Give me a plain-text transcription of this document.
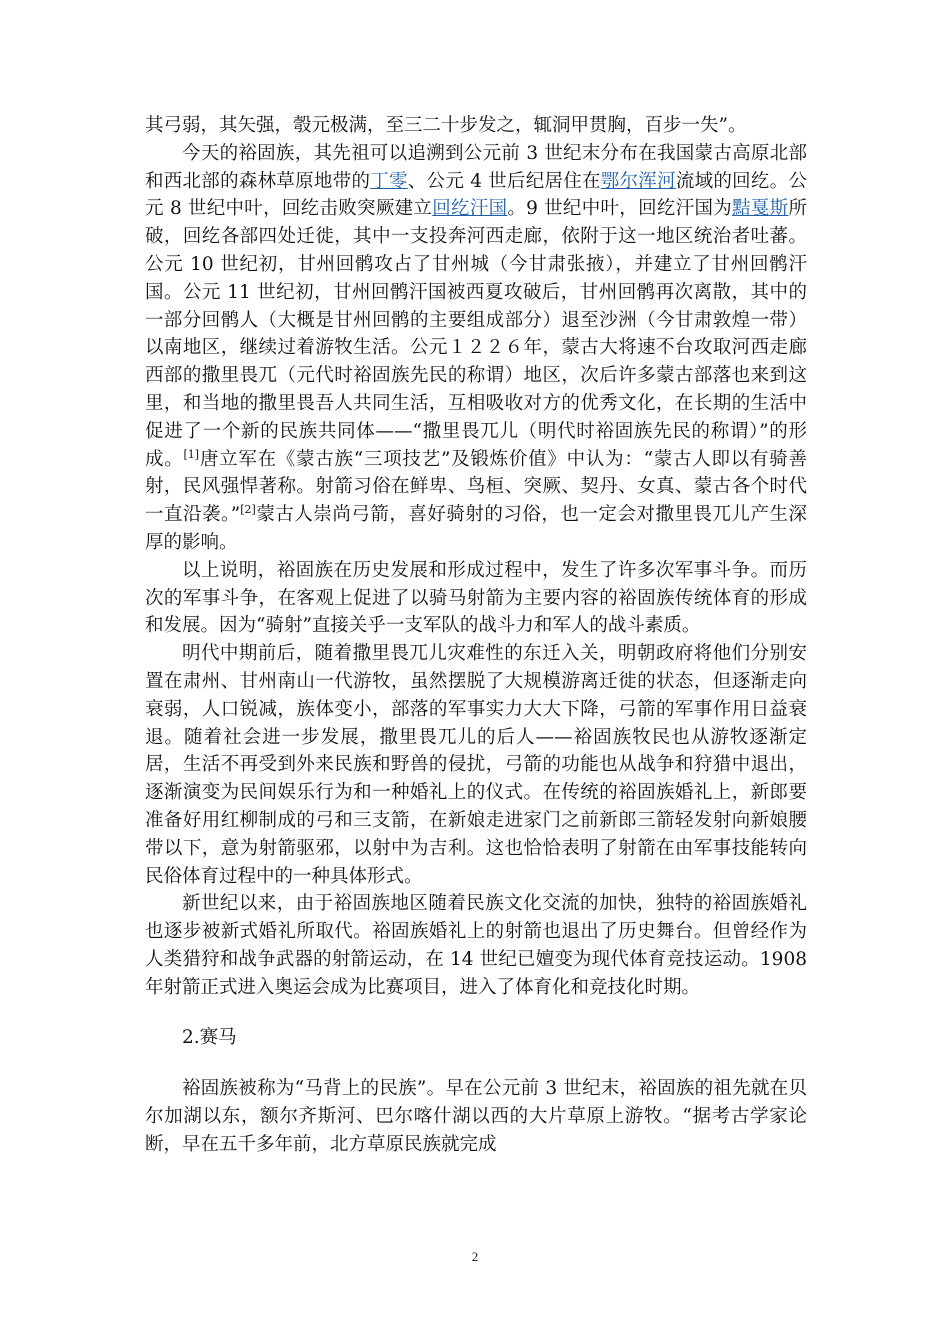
其弓弱，其矢强，彀元极满，至三二十步发之，辄洞甲贯胸，百步一失”。

今天的裕固族，其先祖可以追溯到公元前 3 世纪末分布在我国蒙古高原北部和西北部的森林草原地带的丁零、公元 4 世后纪居住在鄂尔浑河流域的回纥。公元 8 世纪中叶，回纥击败突厥建立回纥汗国。9 世纪中叶，回纥汗国为黠戛斯所破，回纥各部四处迁徙，其中一支投奔河西走廊，依附于这一地区统治者吐蕃。公元 10 世纪初，甘州回鹘攻占了甘州城（今甘肃张掖），并建立了甘州回鹘汗国。公元 11 世纪初，甘州回鹘汗国被西夏攻破后，甘州回鹘再次离散，其中的一部分回鹘人（大概是甘州回鹘的主要组成部分）退至沙洲（今甘肃敦煌一带）以南地区，继续过着游牧生活。公元１２２６年，蒙古大将速不台攻取河西走廊西部的撒里畏兀（元代时裕固族先民的称谓）地区，次后许多蒙古部落也来到这里，和当地的撒里畏吾人共同生活，互相吸收对方的优秀文化，在长期的生活中促进了一个新的民族共同体——“撒里畏兀儿（明代时裕固族先民的称谓）”的形成。[1]唐立军在《蒙古族“三项技艺”及锻炼价值》中认为：“蒙古人即以有骑善射，民风强悍著称。射箭习俗在鲜卑、鸟桓、突厥、契丹、女真、蒙古各个时代一直沿袭。”[2]蒙古人崇尚弓箭，喜好骑射的习俗，也一定会对撒里畏兀儿产生深厚的影响。

以上说明，裕固族在历史发展和形成过程中，发生了许多次军事斗争。而历次的军事斗争，在客观上促进了以骑马射箭为主要内容的裕固族传统体育的形成和发展。因为“骑射”直接关乎一支军队的战斗力和军人的战斗素质。

明代中期前后，随着撒里畏兀儿灾难性的东迁入关，明朝政府将他们分别安置在肃州、甘州南山一代游牧，虽然摆脱了大规模游离迁徙的状态，但逐渐走向衰弱，人口锐减，族体变小，部落的军事实力大大下降，弓箭的军事作用日益衰退。随着社会进一步发展，撒里畏兀儿的后人——裕固族牧民也从游牧逐渐定居，生活不再受到外来民族和野兽的侵扰，弓箭的功能也从战争和狩猎中退出，逐渐演变为民间娱乐行为和一种婚礼上的仪式。在传统的裕固族婚礼上，新郎要准备好用红柳制成的弓和三支箭，在新娘走进家门之前新郎三箭轻发射向新娘腰带以下，意为射箭驱邪，以射中为吉利。这也恰恰表明了射箭在由军事技能转向民俗体育过程中的一种具体形式。

新世纪以来，由于裕固族地区随着民族文化交流的加快，独特的裕固族婚礼也逐步被新式婚礼所取代。裕固族婚礼上的射箭也退出了历史舞台。但曾经作为人类猎狩和战争武器的射箭运动，在 14 世纪已嬗变为现代体育竞技运动。1908 年射箭正式进入奥运会成为比赛项目，进入了体育化和竞技化时期。

2.赛马

裕固族被称为“马背上的民族”。早在公元前 3 世纪末，裕固族的祖先就在贝尔加湖以东，额尔齐斯河、巴尔喀什湖以西的大片草原上游牧。“据考古学家论断，早在五千多年前，北方草原民族就完成

2
